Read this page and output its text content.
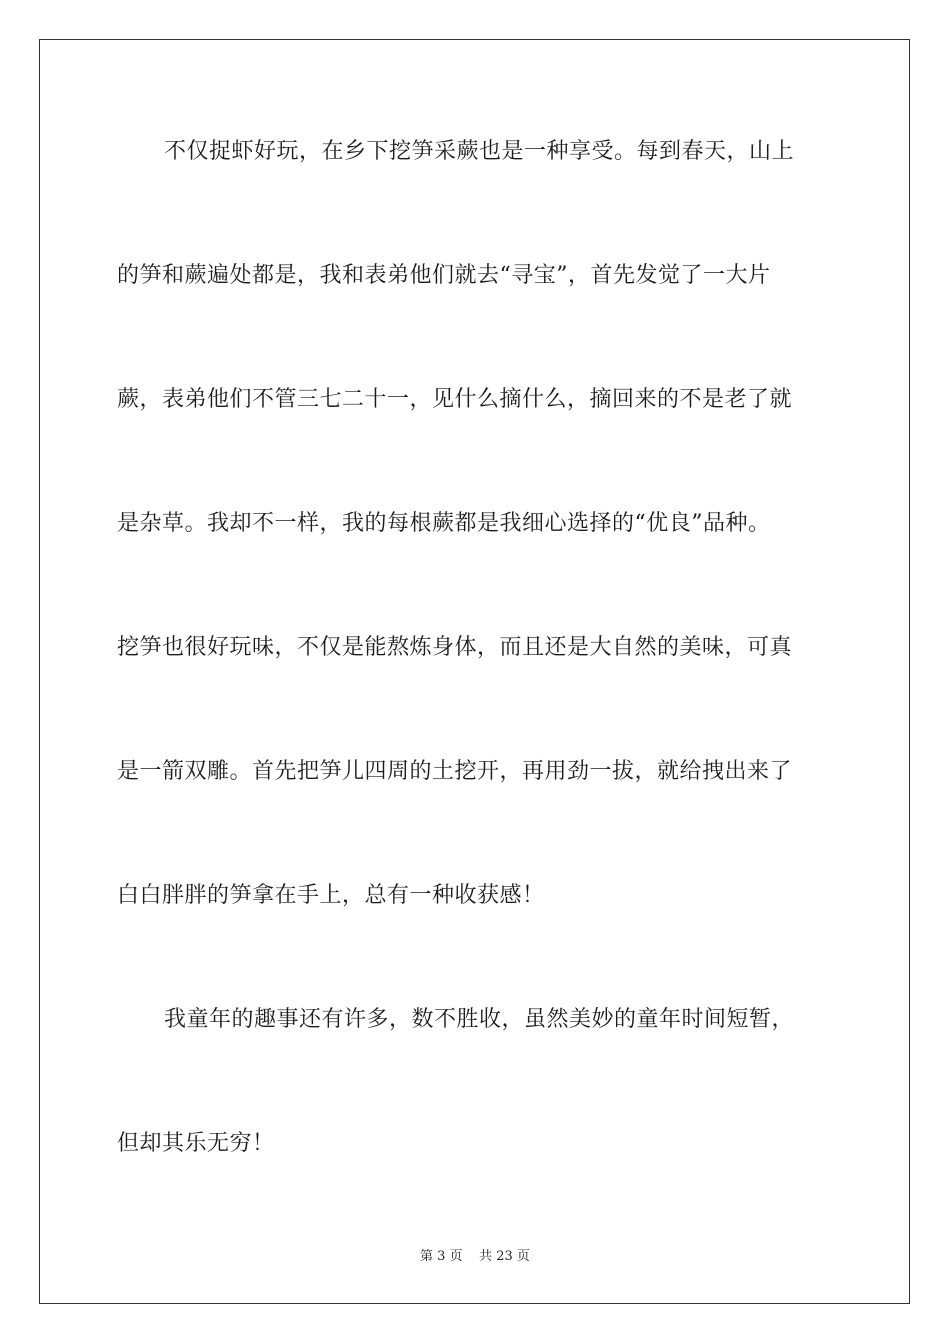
不仅捉虾好玩，在乡下挖笋采蕨也是一种享受。每到春天，山上
的笋和蕨遍处都是，我和表弟他们就去“寻宝”，首先发觉了一大片
蕨，表弟他们不管三七二十一，见什么摘什么，摘回来的不是老了就
是杂草。我却不一样，我的每根蕨都是我细心选择的“优良”品种。
挖笋也很好玩味，不仅是能熬炼身体，而且还是大自然的美味，可真
是一箭双雕。首先把笋儿四周的土挖开，再用劲一拔，就给拽出来了
白白胖胖的笋拿在手上，总有一种收获感！
我童年的趣事还有许多，数不胜收，虽然美妙的童年时间短暂，
但却其乐无穷！
第 3 页 共 23 页
